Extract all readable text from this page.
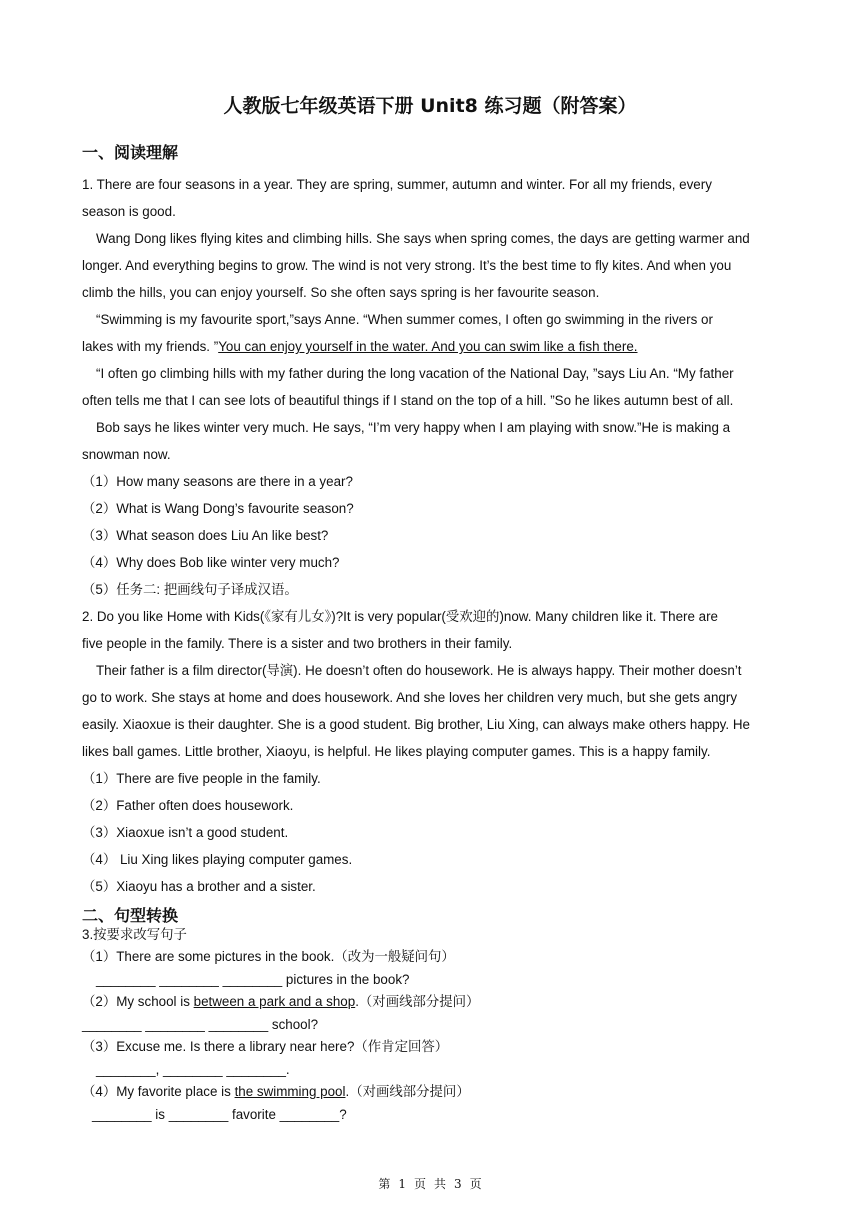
人教版七年级英语下册 Unit8 练习题（附答案）
一、阅读理解
1. There are four seasons in a year. They are spring, summer, autumn and winter. For all my friends, every
season is good.
Wang Dong likes flying kites and climbing hills. She says when spring comes, the days are getting warmer and
longer. And everything begins to grow. The wind is not very strong. It’s the best time to fly kites. And when you
climb the hills, you can enjoy yourself. So she often says spring is her favourite season.
“Swimming is my favourite sport,”says Anne. “When summer comes, I often go swimming in the rivers or
lakes with my friends. ”You can enjoy yourself in the water. And you can swim like a fish there.
“I often go climbing hills with my father during the long vacation of the National Day, ”says Liu An. “My father
often tells me that I can see lots of beautiful things if I stand on the top of a hill. ”So he likes autumn best of all.
Bob says he likes winter very much. He says, “I’m very happy when I am playing with snow.”He is making a
snowman now.
（1）How many seasons are there in a year?
（2）What is Wang Dong’s favourite season?
（3）What season does Liu An like best?
（4）Why does Bob like winter very much?
（5）任务二: 把画线句子译成汉语。
2. Do you like Home with Kids(《家有儿女》)?It is very popular(受欢迎的)now. Many children like it. There are
five people in the family. There is a sister and two brothers in their family.
Their father is a film director(导演). He doesn’t often do housework. He is always happy. Their mother doesn’t
go to work. She stays at home and does housework. And she loves her children very much, but she gets angry
easily. Xiaoxue is their daughter. She is a good student. Big brother, Liu Xing, can always make others happy. He
likes ball games. Little brother, Xiaoyu, is helpful. He likes playing computer games. This is a happy family.
（1）There are five people in the family.
（2）Father often does housework.
（3）Xiaoxue isn’t a good student.
（4） Liu Xing likes playing computer games.
（5）Xiaoyu has a brother and a sister.
二、句型转换
3.按要求改写句子
（1）There are some pictures in the book.（改为一般疑问句）
________ ________ ________ pictures in the book?
（2）My school is between a park and a shop.（对画线部分提问）
________ ________ ________ school?
（3）Excuse me. Is there a library near here?（作肯定回答）
________, ________ ________.
（4）My favorite place is the swimming pool.（对画线部分提问）
________ is ________ favorite ________?
第 1 页 共 3 页
